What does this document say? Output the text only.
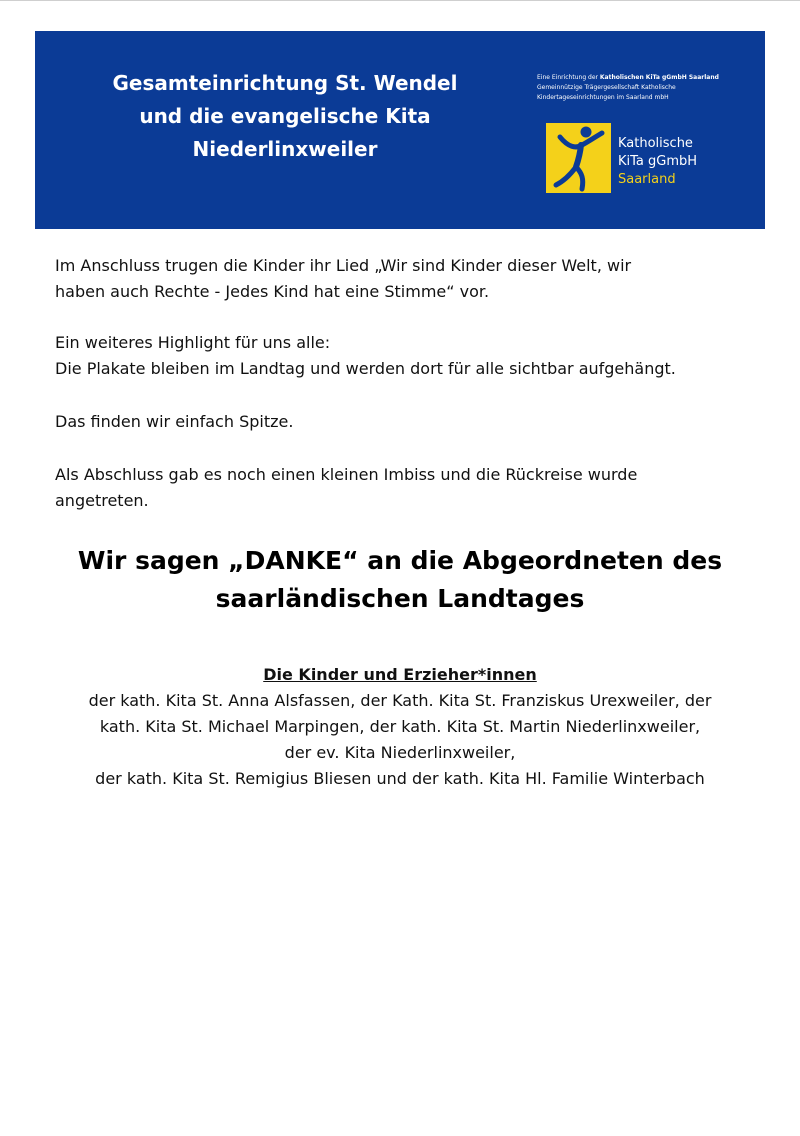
Gesamteinrichtung St. Wendel
und die evangelische Kita
Niederlinxweiler
Eine Einrichtung der Katholischen KiTa gGmbH Saarland
Gemeinnützige Trägergesellschaft Katholische
Kindertageseinrichtungen im Saarland mbH
Katholische
KiTa gGmbH
Saarland
Im Anschluss trugen die Kinder ihr Lied „Wir sind Kinder dieser Welt, wir
haben auch Rechte - Jedes Kind hat eine Stimme“ vor.
Ein weiteres Highlight für uns alle:
Die Plakate bleiben im Landtag und werden dort für alle sichtbar aufgehängt.
Das finden wir einfach Spitze.
Als Abschluss gab es noch einen kleinen Imbiss und die Rückreise wurde
angetreten.
Wir sagen „DANKE“ an die Abgeordneten des
saarländischen Landtages
Die Kinder und Erzieher*innen
der kath. Kita St. Anna Alsfassen, der Kath. Kita St. Franziskus Urexweiler, der
kath. Kita St. Michael Marpingen, der kath. Kita St. Martin Niederlinxweiler,
der ev. Kita Niederlinxweiler,
der kath. Kita St. Remigius Bliesen und der kath. Kita Hl. Familie Winterbach
